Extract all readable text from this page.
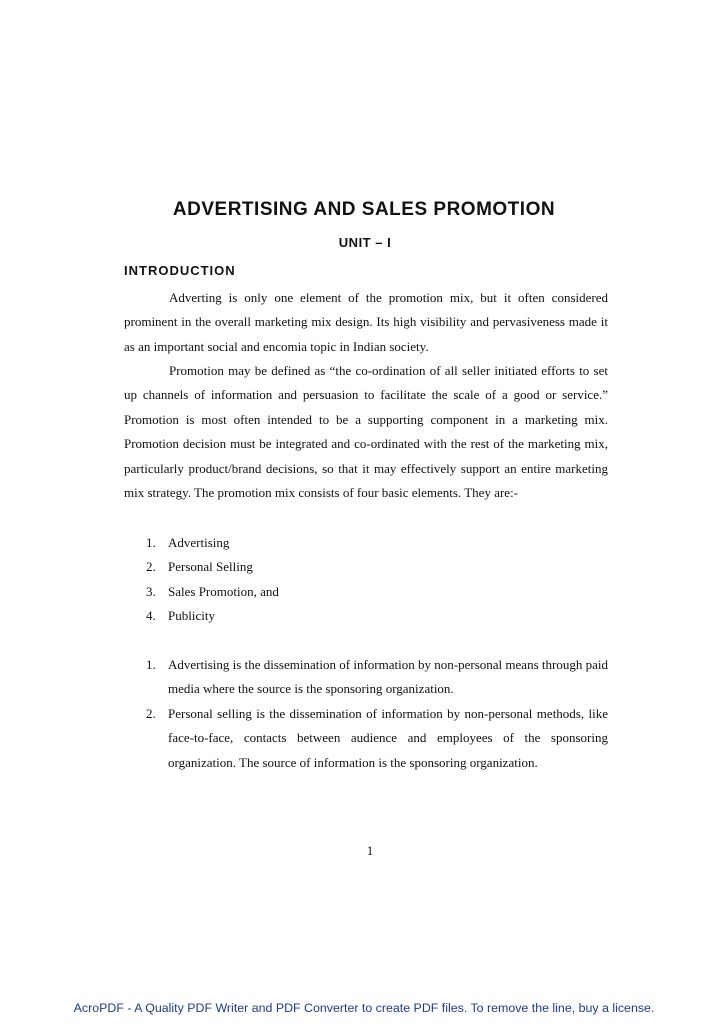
ADVERTISING AND SALES PROMOTION
UNIT – I
INTRODUCTION

Adverting is only one element of the promotion mix, but it often considered prominent in the overall marketing mix design. Its high visibility and pervasiveness made it as an important social and encomia topic in Indian society.

Promotion may be defined as “the co-ordination of all seller initiated efforts to set up channels of information and persuasion to facilitate the scale of a good or service.” Promotion is most often intended to be a supporting component in a marketing mix. Promotion decision must be integrated and co-ordinated with the rest of the marketing mix, particularly product/brand decisions, so that it may effectively support an entire marketing mix strategy. The promotion mix consists of four basic elements. They are:-

1. Advertising
2. Personal Selling
3. Sales Promotion, and
4. Publicity
1. Advertising is the dissemination of information by non-personal means through paid media where the source is the sponsoring organization.
2. Personal selling is the dissemination of information by non-personal methods, like face-to-face, contacts between audience and employees of the sponsoring organization. The source of information is the sponsoring organization.
1
AcroPDF - A Quality PDF Writer and PDF Converter to create PDF files. To remove the line, buy a license.
